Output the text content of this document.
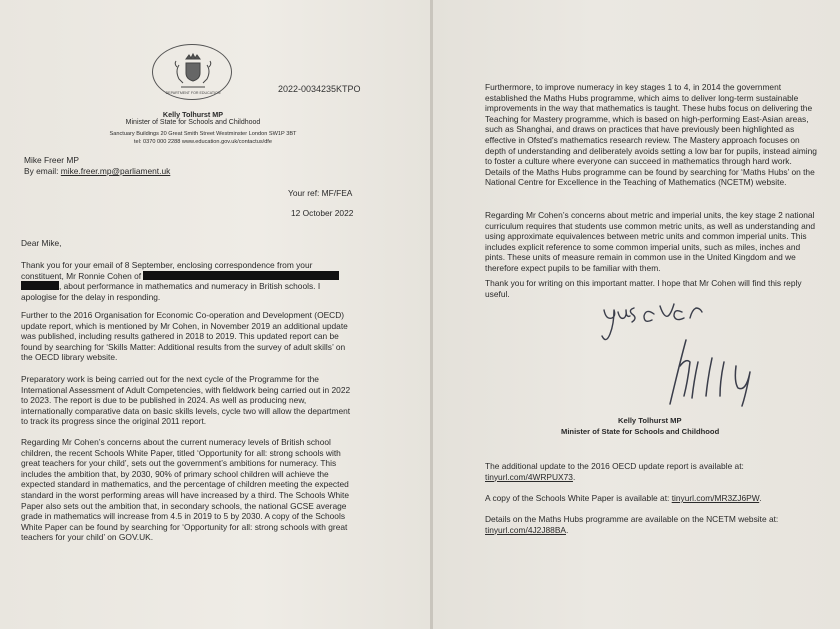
DEPARTMENT FOR EDUCATION	2022-0034235KTPO
Kelly Tolhurst MP
Minister of State for Schools and Childhood
Sanctuary Buildings 20 Great Smith Street Westminster London SW1P 3BT
tel: 0370 000 2288 www.education.gov.uk/contactus/dfe
Mike Freer MP
By email: mike.freer.mp@parliament.uk
Your ref: MF/FEA
12 October 2022
Dear Mike,

Thank you for your email of 8 September, enclosing correspondence from your constituent, Mr Ronnie Cohen of
, about performance in mathematics and numeracy in British schools. I apologise for the delay in responding.

Further to the 2016 Organisation for Economic Co-operation and Development (OECD) update report, which is mentioned by Mr Cohen, in November 2019 an additional update was published, including results gathered in 2018 to 2019. This updated report can be found by searching for ‘Skills Matter: Additional results from the survey of adult skills’ on the OECD library website.

Preparatory work is being carried out for the next cycle of the Programme for the International Assessment of Adult Competencies, with fieldwork being carried out in 2022 to 2023. The report is due to be published in 2024. As well as producing new, internationally comparative data on basic skills levels, cycle two will allow the department to track its progress since the original 2011 report.

Regarding Mr Cohen’s concerns about the current numeracy levels of British school children, the recent Schools White Paper, titled ‘Opportunity for all: strong schools with great teachers for your child’, sets out the government’s ambitions for numeracy. This includes the ambition that, by 2030, 90% of primary school children will achieve the expected standard in mathematics, and the percentage of children meeting the expected standard in the worst performing areas will have increased by a third. The Schools White Paper also sets out the ambition that, in secondary schools, the national GCSE average grade in mathematics will increase from 4.5 in 2019 to 5 by 2030. A copy of the Schools White Paper can be found by searching for ‘Opportunity for all: strong schools with great teachers for your child’ on GOV.UK.

Furthermore, to improve numeracy in key stages 1 to 4, in 2014 the government established the Maths Hubs programme, which aims to deliver long-term sustainable improvements in the way that mathematics is taught. These hubs focus on delivering the Teaching for Mastery programme, which is based on high-performing East-Asian areas, such as Shanghai, and draws on practices that have previously been highlighted as effective in Ofsted’s mathematics research review. The Mastery approach focuses on depth of understanding and deliberately avoids setting a low bar for pupils, instead aiming to foster a culture where everyone can succeed in mathematics through hard work. Details of the Maths Hubs programme can be found by searching for ‘Maths Hubs’ on the National Centre for Excellence in the Teaching of Mathematics (NCETM) website.

Regarding Mr Cohen’s concerns about metric and imperial units, the key stage 2 national curriculum requires that students use common metric units, as well as understanding and using approximate equivalences between metric units and common imperial units. This includes explicit reference to some common imperial units, such as miles, inches and pints. These units of measure remain in common use in the United Kingdom and we therefore expect pupils to be familiar with them.

Thank you for writing on this important matter. I hope that Mr Cohen will find this reply useful.

The additional update to the 2016 OECD update report is available at:
tinyurl.com/4WRPUX73.

A copy of the Schools White Paper is available at: tinyurl.com/MR3ZJ6PW.

Details on the Maths Hubs programme are available on the NCETM website at:
tinyurl.com/4J2J88BA.

Kelly Tolhurst MP
Minister of State for Schools and Childhood
